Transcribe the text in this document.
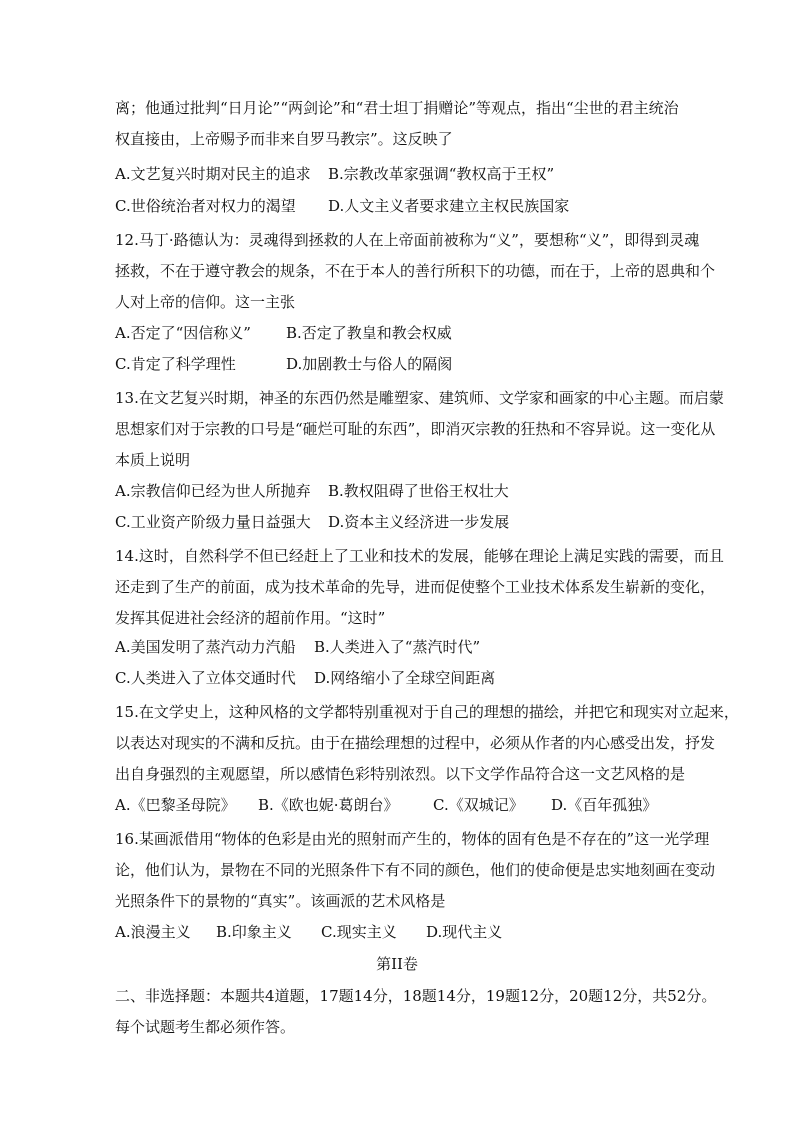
离；他通过批判“日月论”“两剑论”和“君士坦丁捐赠论”等观点，指出“尘世的君主统治
权直接由，上帝赐予而非来自罗马教宗”。这反映了
A.文艺复兴时期对民主的追求 B.宗教改革家强调“教权高于王权”
C.世俗统治者对权力的渴望 D.人文主义者要求建立主权民族国家
12.马丁·路德认为：灵魂得到拯救的人在上帝面前被称为“义”，要想称“义”，即得到灵魂
拯救，不在于遵守教会的规条，不在于本人的善行所积下的功德，而在于，上帝的恩典和个
人对上帝的信仰。这一主张
A.否定了“因信称义” B.否定了教皇和教会权威
C.肯定了科学理性	D.加剧教士与俗人的隔阂
13.在文艺复兴时期，神圣的东西仍然是雕塑家、建筑师、文学家和画家的中心主题。而启蒙
思想家们对于宗教的口号是“砸烂可耻的东西”，即消灭宗教的狂热和不容异说。这一变化从
本质上说明
A.宗教信仰已经为世人所抛弃 B.教权阻碍了世俗王权壮大
C.工业资产阶级力量日益强大 D.资本主义经济进一步发展
14.这时，自然科学不但已经赶上了工业和技术的发展，能够在理论上满足实践的需要，而且
还走到了生产的前面，成为技术革命的先导，进而促使整个工业技术体系发生崭新的变化，
发挥其促进社会经济的超前作用。“这时”
A.美国发明了蒸汽动力汽船 B.人类进入了“蒸汽时代”
C.人类进入了立体交通时代 D.网络缩小了全球空间距离
15.在文学史上，这种风格的文学都特别重视对于自己的理想的描绘，并把它和现实对立起来，
以表达对现实的不满和反抗。由于在描绘理想的过程中，必须从作者的内心感受出发，抒发
出自身强烈的主观愿望，所以感情色彩特别浓烈。以下文学作品符合这一文艺风格的是
A.《巴黎圣母院》 B.《欧也妮·葛朗台》 C.《双城记》 D.《百年孤独》
16.某画派借用“物体的色彩是由光的照射而产生的，物体的固有色是不存在的”这一光学理
论，他们认为，景物在不同的光照条件下有不同的颜色，他们的使命便是忠实地刻画在变动
光照条件下的景物的“真实”。该画派的艺术风格是
A.浪漫主义 B.印象主义 C.现实主义 D.现代主义
第II卷
二、非选择题：本题共4道题，17题14分，18题14分，19题12分，20题12分，共52分。
每个试题考生都必须作答。
